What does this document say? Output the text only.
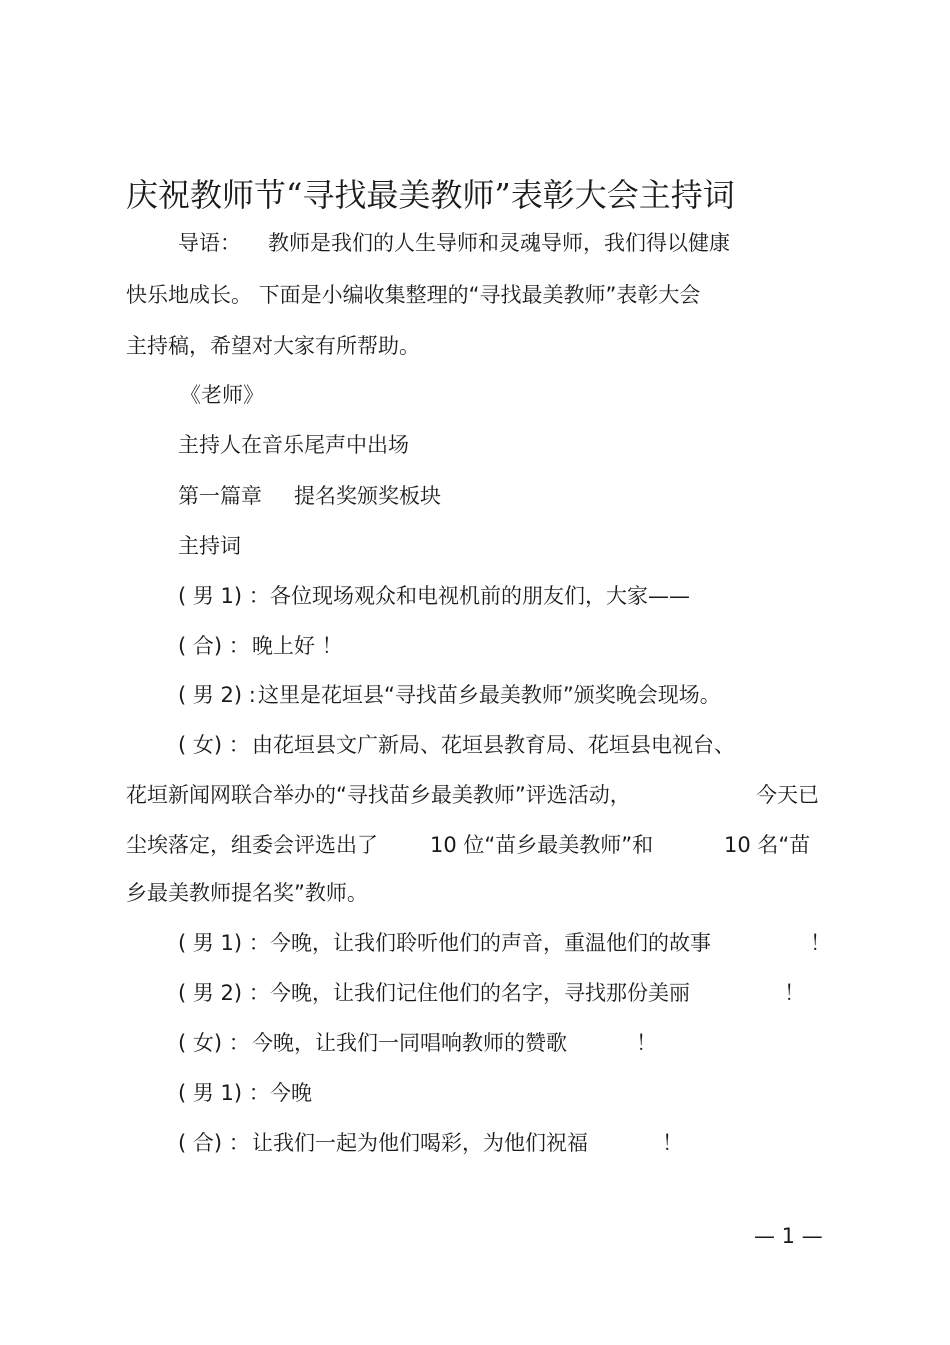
庆祝教师节“寻找最美教师”表彰大会主持词
导语： 教师是我们的人生导师和灵魂导师，我们得以健康
快乐地成长。 下面是小编收集整理的“寻找最美教师”表彰大会
主持稿，希望对大家有所帮助。
《老师》
主持人在音乐尾声中出场
第一篇章 提名奖颁奖板块
主持词
( 男 1) ： 各位现场观众和电视机前的朋友们，大家——
( 合) ： 晚上好 ！
( 男 2) : 这里是花垣县“寻找苗乡最美教师”颁奖晚会现场。
( 女) ： 由花垣县文广新局、花垣县教育局、花垣县电视台、
花垣新闻网联合举办的“寻找苗乡最美教师”评选活动，	今天已
尘埃落定，组委会评选出了 10 位“苗乡最美教师”和	10 名“苗
乡最美教师提名奖”教师。
( 男 1) ： 今晚，让我们聆听他们的声音，重温他们的故事	！
( 男 2) ： 今晚，让我们记住他们的名字，寻找那份美丽	！
( 女) ： 今晚，让我们一同唱响教师的赞歌	！
( 男 1) ： 今晚
( 合) ： 让我们一起为他们喝彩，为他们祝福	！
— 1 —
